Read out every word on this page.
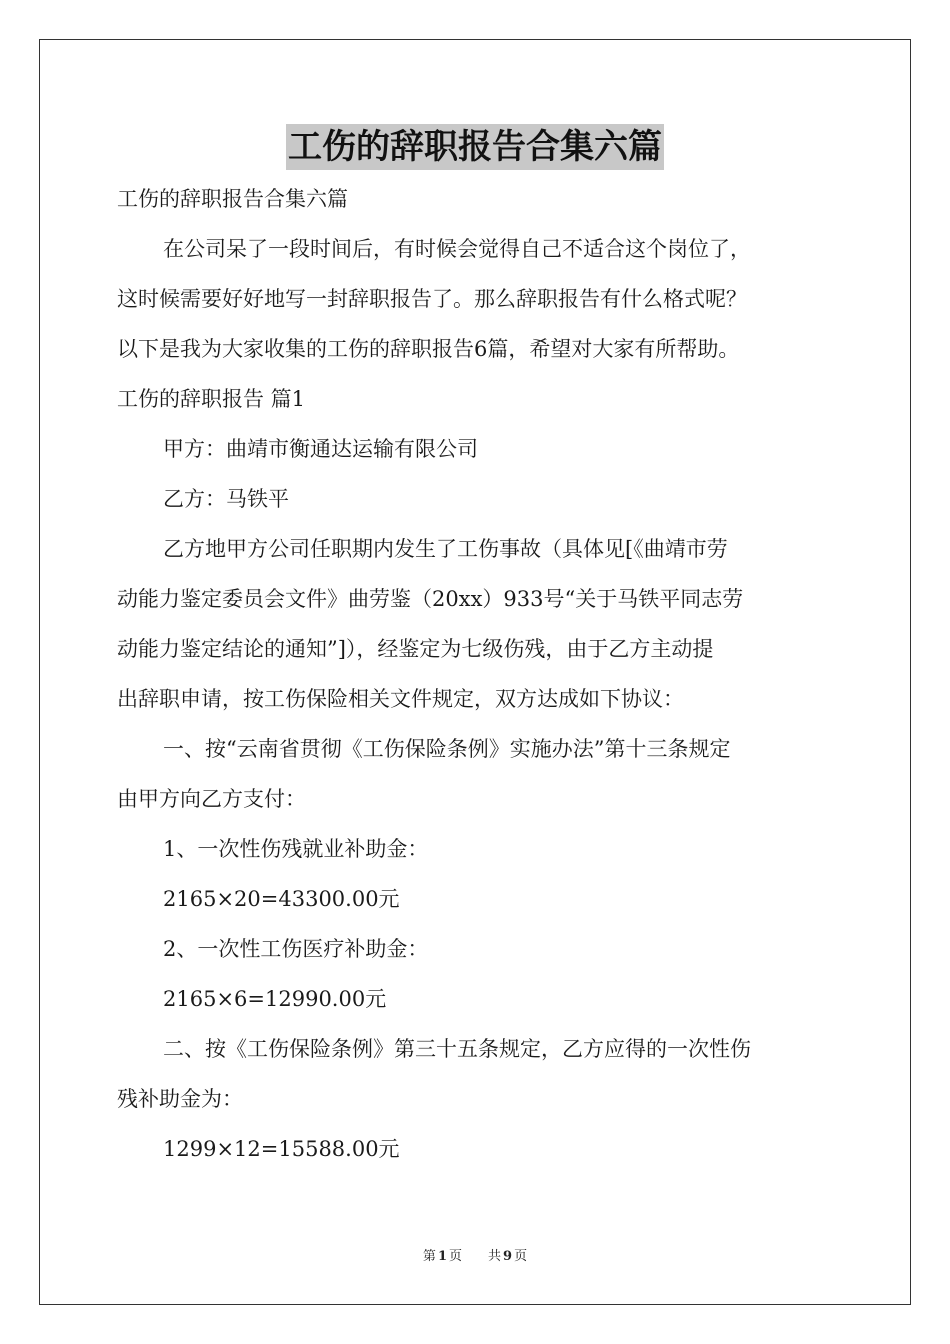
工伤的辞职报告合集六篇
工伤的辞职报告合集六篇
在公司呆了一段时间后，有时候会觉得自己不适合这个岗位了，
这时候需要好好地写一封辞职报告了。那么辞职报告有什么格式呢？
以下是我为大家收集的工伤的辞职报告6篇，希望对大家有所帮助。
工伤的辞职报告 篇1
甲方：曲靖市衡通达运输有限公司
乙方：马铁平
乙方地甲方公司任职期内发生了工伤事故（具体见[《曲靖市劳
动能力鉴定委员会文件》曲劳鉴（20xx）933号“关于马铁平同志劳
动能力鉴定结论的通知”]），经鉴定为七级伤残，由于乙方主动提
出辞职申请，按工伤保险相关文件规定，双方达成如下协议：
一、按“云南省贯彻《工伤保险条例》实施办法”第十三条规定
由甲方向乙方支付：
1、一次性伤残就业补助金：
2165×20=43300.00元
2、一次性工伤医疗补助金：
2165×6=12990.00元
二、按《工伤保险条例》第三十五条规定，乙方应得的一次性伤
残补助金为：
1299×12=15588.00元
第 1 页 共 9 页
